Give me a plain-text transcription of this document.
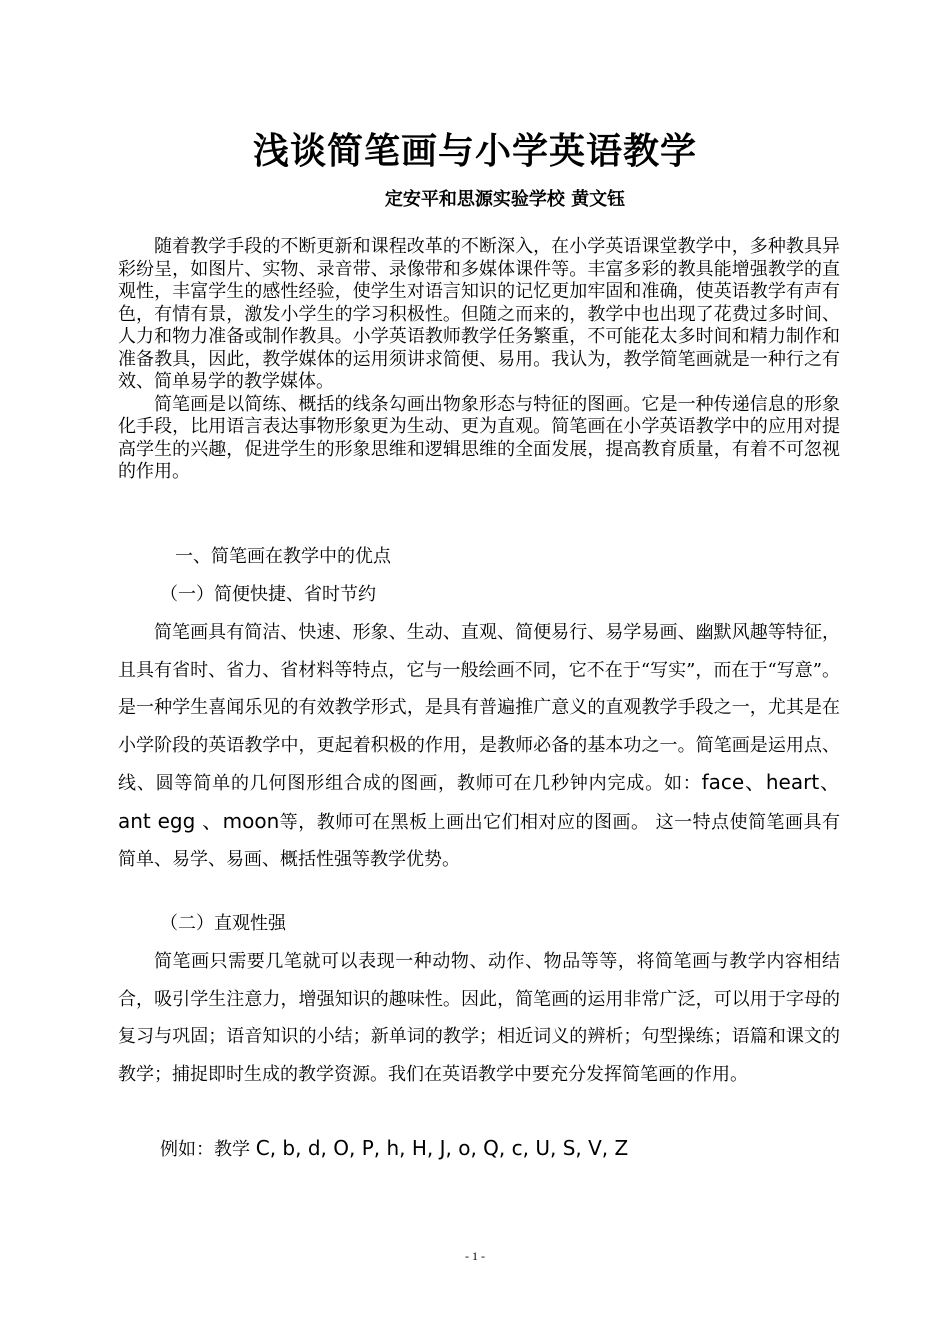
浅谈简笔画与小学英语教学
定安平和思源实验学校 黄文钰

随着教学手段的不断更新和课程改革的不断深入，在小学英语课堂教学中，多种教具异彩纷呈，如图片、实物、录音带、录像带和多媒体课件等。丰富多彩的教具能增强教学的直观性，丰富学生的感性经验，使学生对语言知识的记忆更加牢固和准确，使英语教学有声有色，有情有景，激发小学生的学习积极性。但随之而来的，教学中也出现了花费过多时间、人力和物力准备或制作教具。小学英语教师教学任务繁重，不可能花太多时间和精力制作和准备教具，因此，教学媒体的运用须讲求简便、易用。我认为，教学简笔画就是一种行之有效、简单易学的教学媒体。

简笔画是以简练、概括的线条勾画出物象形态与特征的图画。它是一种传递信息的形象化手段，比用语言表达事物形象更为生动、更为直观。简笔画在小学英语教学中的应用对提高学生的兴趣，促进学生的形象思维和逻辑思维的全面发展，提高教育质量，有着不可忽视的作用。

一、简笔画在教学中的优点
（一）简便快捷、省时节约

简笔画具有简洁、快速、形象、生动、直观、简便易行、易学易画、幽默风趣等特征，且具有省时、省力、省材料等特点，它与一般绘画不同，它不在于“写实”，而在于“写意”。是一种学生喜闻乐见的有效教学形式，是具有普遍推广意义的直观教学手段之一，尤其是在小学阶段的英语教学中，更起着积极的作用，是教师必备的基本功之一。简笔画是运用点、线、圆等简单的几何图形组合成的图画，教师可在几秒钟内完成。如：face、heart、ant egg 、moon等，教师可在黑板上画出它们相对应的图画。 这一特点使简笔画具有简单、易学、易画、概括性强等教学优势。

（二）直观性强

简笔画只需要几笔就可以表现一种动物、动作、物品等等，将简笔画与教学内容相结合，吸引学生注意力，增强知识的趣味性。因此，简笔画的运用非常广泛，可以用于字母的复习与巩固；语音知识的小结；新单词的教学；相近词义的辨析；句型操练；语篇和课文的教学；捕捉即时生成的教学资源。我们在英语教学中要充分发挥简笔画的作用。

例如：教学 C, b, d, O, P, h, H, J, o, Q, c, U, S, V, Z
- 1 -
